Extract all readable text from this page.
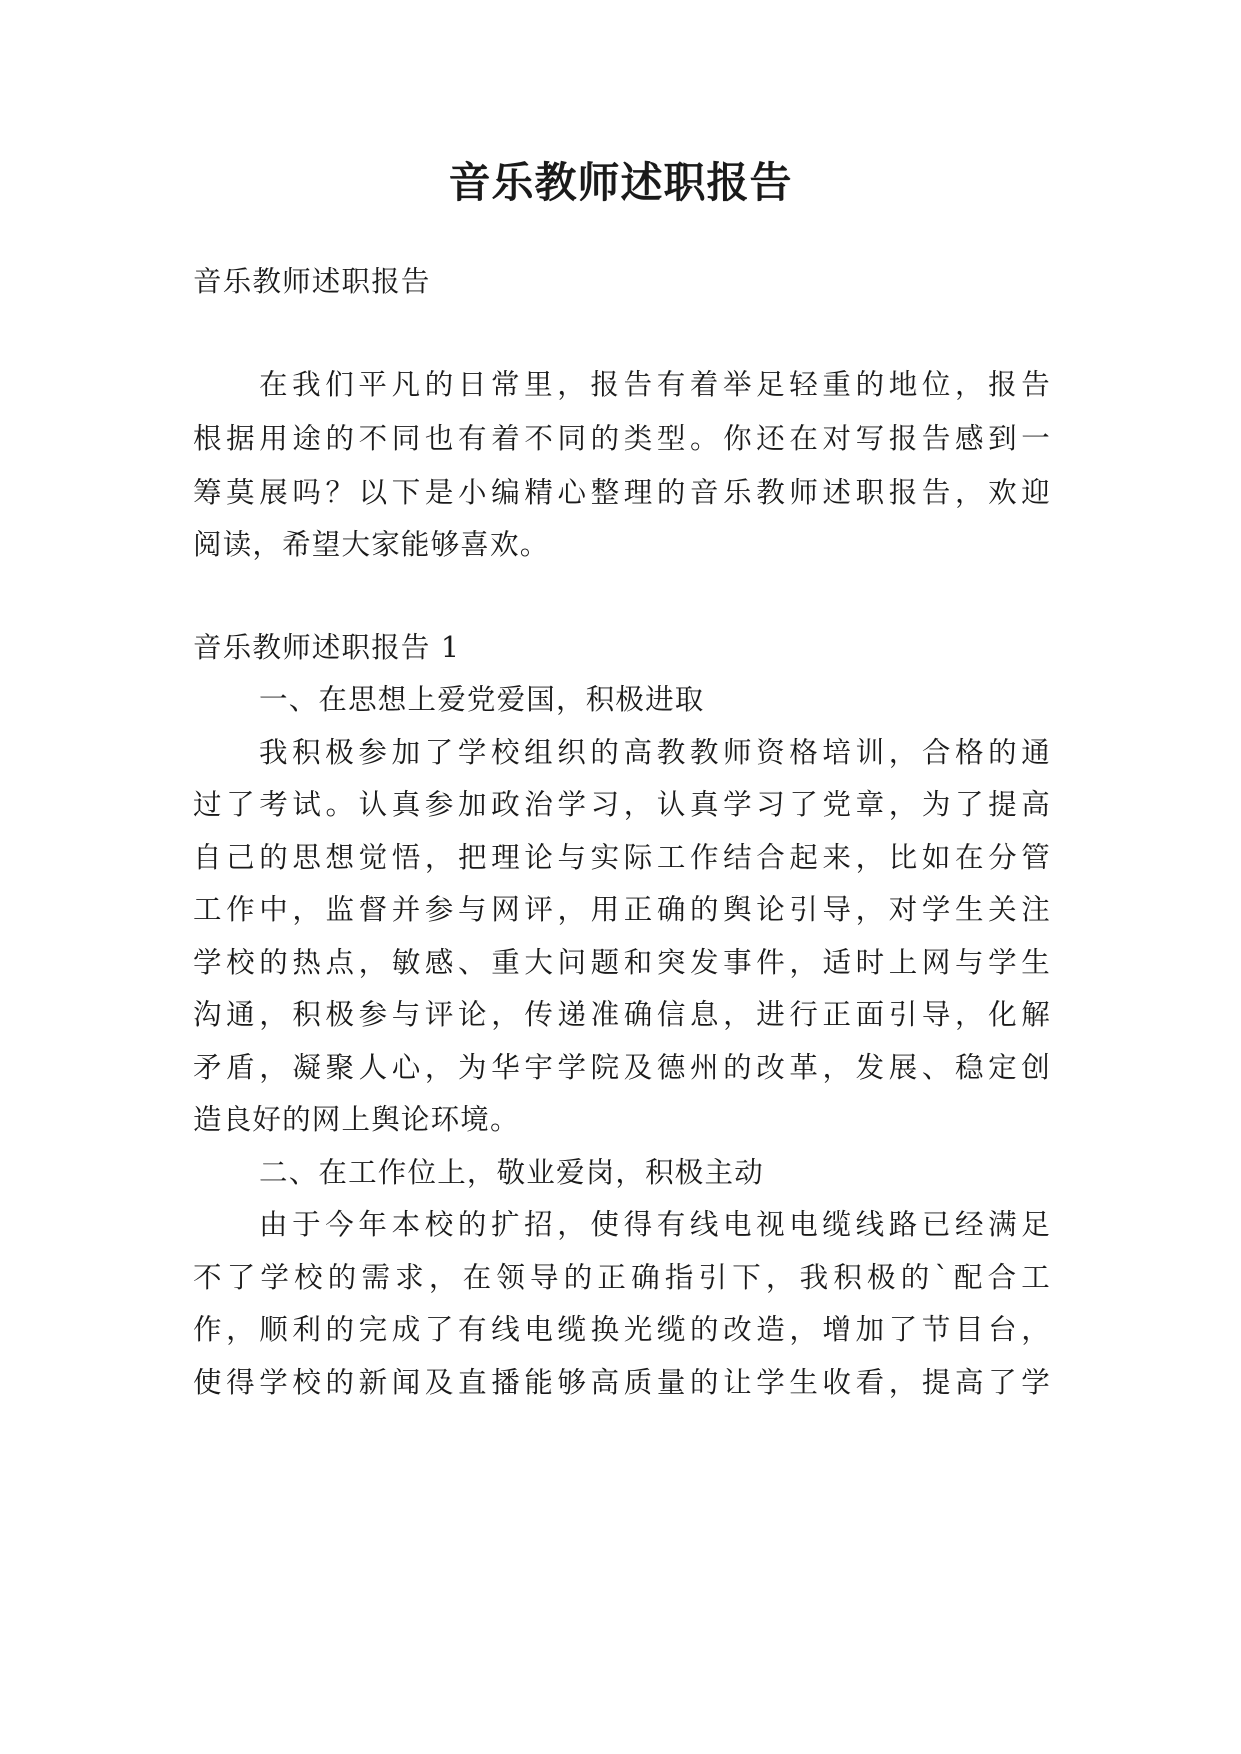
音乐教师述职报告
音乐教师述职报告
在我们平凡的日常里，报告有着举足轻重的地位，报告
根据用途的不同也有着不同的类型。你还在对写报告感到一
筹莫展吗？以下是小编精心整理的音乐教师述职报告，欢迎
阅读，希望大家能够喜欢。
音乐教师述职报告 1
一、在思想上爱党爱国，积极进取
我积极参加了学校组织的高教教师资格培训，合格的通
过了考试。认真参加政治学习，认真学习了党章，为了提高
自己的思想觉悟，把理论与实际工作结合起来，比如在分管
工作中，监督并参与网评，用正确的舆论引导，对学生关注
学校的热点，敏感、重大问题和突发事件，适时上网与学生
沟通，积极参与评论，传递准确信息，进行正面引导，化解
矛盾，凝聚人心，为华宇学院及德州的改革，发展、稳定创
造良好的网上舆论环境。
二、在工作位上，敬业爱岗，积极主动
由于今年本校的扩招，使得有线电视电缆线路已经满足
不了学校的需求，在领导的正确指引下，我积极的`配合工
作，顺利的完成了有线电缆换光缆的改造，增加了节目台，
使得学校的新闻及直播能够高质量的让学生收看，提高了学
